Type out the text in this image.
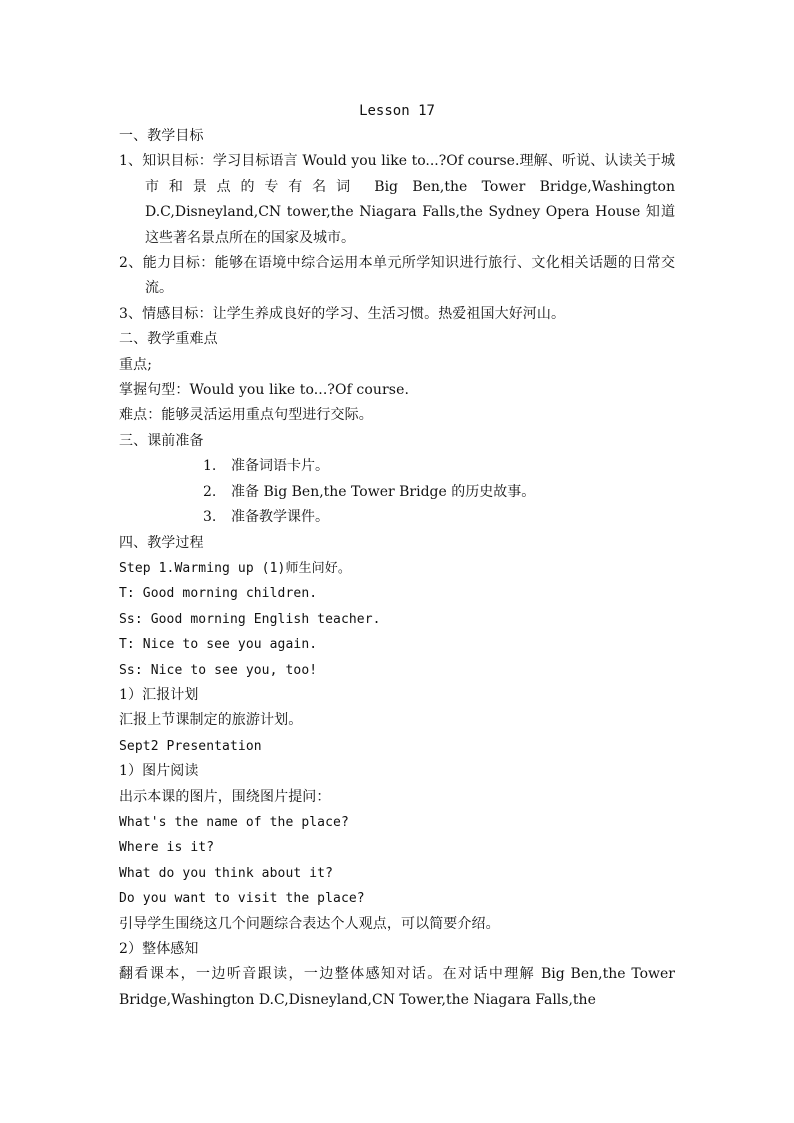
Lesson 17
一、教学目标
1、知识目标：学习目标语言 Would you like to...?Of course.理解、听说、认读关于城市和景点的专有名词 Big Ben,the Tower Bridge,Washington D.C,Disneyland,CN tower,the Niagara Falls,the Sydney Opera House 知道这些著名景点所在的国家及城市。
2、能力目标：能够在语境中综合运用本单元所学知识进行旅行、文化相关话题的日常交流。
3、情感目标：让学生养成良好的学习、生活习惯。热爱祖国大好河山。
二、教学重难点
重点;
掌握句型：Would you like to...?Of course.
难点：能够灵活运用重点句型进行交际。
三、课前准备
1. 准备词语卡片。
2. 准备 Big Ben,the Tower Bridge 的历史故事。
3. 准备教学课件。
四、教学过程
Step 1.Warming up (1)师生问好。
T: Good morning children.
Ss: Good morning English teacher.
T: Nice to see you again.
Ss: Nice to see you, too!
1）汇报计划
汇报上节课制定的旅游计划。
Sept2 Presentation
1）图片阅读
出示本课的图片，围绕图片提问：
What's the name of the place?
Where is it?
What do you think about it?
Do you want to visit the place?
引导学生围绕这几个问题综合表达个人观点，可以简要介绍。
2）整体感知
翻看课本，一边听音跟读，一边整体感知对话。在对话中理解 Big Ben,the Tower Bridge,Washington D.C,Disneyland,CN Tower,the Niagara Falls,the
